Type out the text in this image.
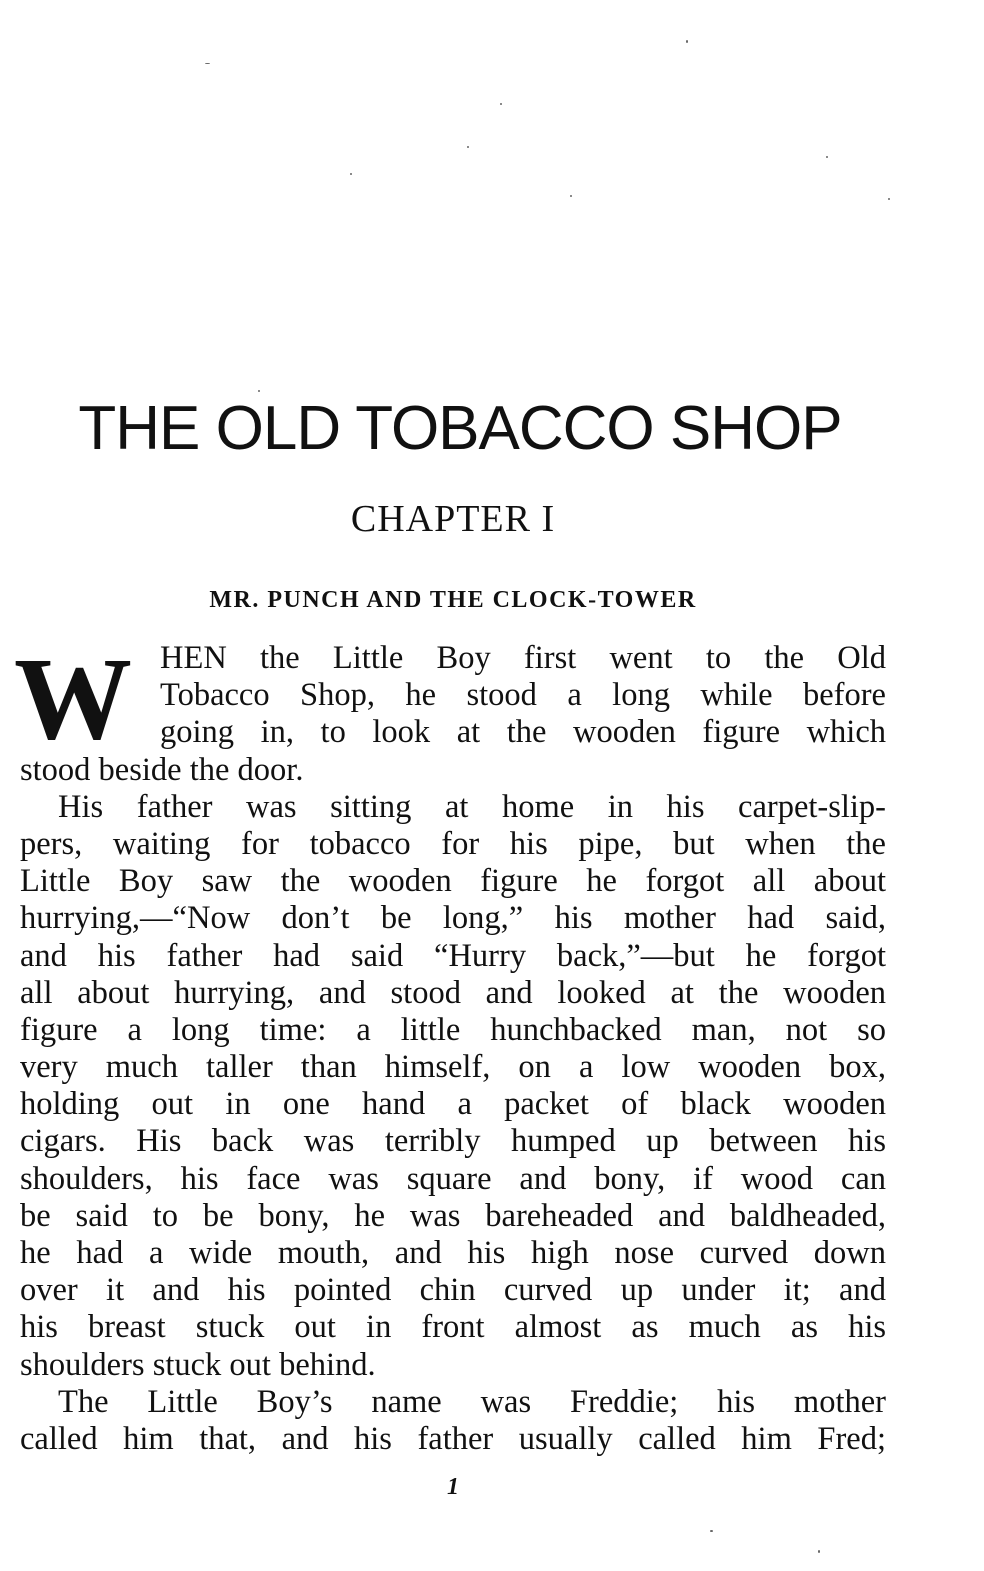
THE OLD TOBACCO SHOP
CHAPTER I
MR. PUNCH AND THE CLOCK-TOWER
W HEN the Little Boy first went to the Old
Tobacco Shop, he stood a long while before
going in, to look at the wooden figure which
stood beside the door.
His father was sitting at home in his carpet-slip-
pers, waiting for tobacco for his pipe, but when the
Little Boy saw the wooden figure he forgot all about
hurrying,—“Now don’t be long,” his mother had said,
and his father had said “Hurry back,”—but he forgot
all about hurrying, and stood and looked at the wooden
figure a long time: a little hunchbacked man, not so
very much taller than himself, on a low wooden box,
holding out in one hand a packet of black wooden
cigars. His back was terribly humped up between his
shoulders, his face was square and bony, if wood can
be said to be bony, he was bareheaded and baldheaded,
he had a wide mouth, and his high nose curved down
over it and his pointed chin curved up under it; and
his breast stuck out in front almost as much as his
shoulders stuck out behind.
The Little Boy’s name was Freddie; his mother
called him that, and his father usually called him Fred;
1
